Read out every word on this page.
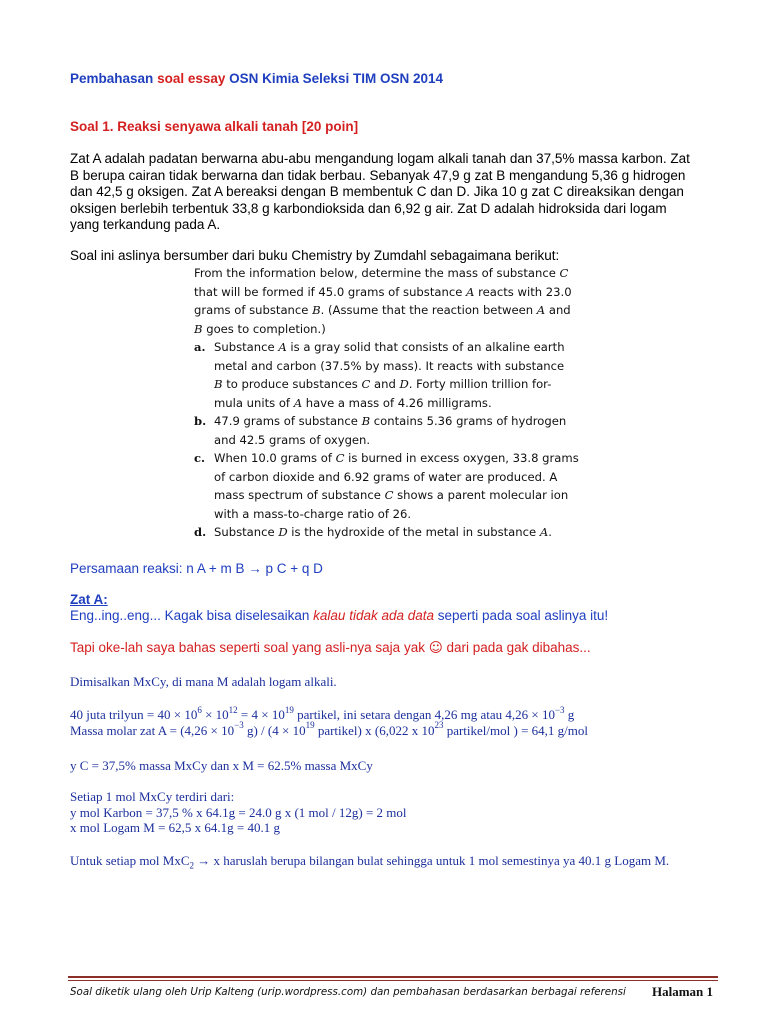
Pembahasan soal essay OSN Kimia Seleksi TIM OSN 2014
Soal 1. Reaksi senyawa alkali tanah [20 poin]
Zat A adalah padatan berwarna abu-abu mengandung logam alkali tanah dan 37,5% massa karbon. Zat
B berupa cairan tidak berwarna dan tidak berbau. Sebanyak 47,9 g zat B mengandung 5,36 g hidrogen
dan 42,5 g oksigen. Zat A bereaksi dengan B membentuk C dan D. Jika 10 g zat C direaksikan dengan
oksigen berlebih terbentuk 33,8 g karbondioksida dan 6,92 g air. Zat D adalah hidroksida dari logam
yang terkandung pada A.
Soal ini aslinya bersumber dari buku Chemistry by Zumdahl sebagaimana berikut:
From the information below, determine the mass of substance C
that will be formed if 45.0 grams of substance A reacts with 23.0
grams of substance B. (Assume that the reaction between A and
B goes to completion.)
a. Substance A is a gray solid that consists of an alkaline earth
metal and carbon (37.5% by mass). It reacts with substance
B to produce substances C and D. Forty million trillion for-
mula units of A have a mass of 4.26 milligrams.
b. 47.9 grams of substance B contains 5.36 grams of hydrogen
and 42.5 grams of oxygen.
c. When 10.0 grams of C is burned in excess oxygen, 33.8 grams
of carbon dioxide and 6.92 grams of water are produced. A
mass spectrum of substance C shows a parent molecular ion
with a mass-to-charge ratio of 26.
d. Substance D is the hydroxide of the metal in substance A.
Persamaan reaksi: n A + m B → p C + q D
Zat A:
Eng..ing..eng... Kagak bisa diselesaikan kalau tidak ada data seperti pada soal aslinya itu!
Tapi oke-lah saya bahas seperti soal yang asli-nya saja yak ☺ dari pada gak dibahas...
Dimisalkan MxCy, di mana M adalah logam alkali.
40 juta trilyun = $40 \times 10^6 \times 10^{12} = 4 \times 10^{19}$ partikel, ini setara dengan 4,26 mg atau $4,26 \times 10^{-3}$ g
Massa molar zat $A = (4,26 \times 10^{-3}$ $g) / (4 \times 10^{19}$ partikel) x (6,022 x $10^{23}$ partikel/mol ) = 64,1 g/mol
y C = 37,5% massa MxCy dan x M = 62.5% massa MxCy
Setiap 1 mol MxCy terdiri dari:
y mol Karbon = 37,5 % x 64.1g = 24.0 g x (1 mol / 12g) = 2 mol
x mol Logam M = 62,5 x 64.1g = 40.1 g
Untuk setiap mol MxC$_2$ → x haruslah berupa bilangan bulat sehingga untuk 1 mol semestinya ya 40.1 g Logam M.
Soal diketik ulang oleh Urip Kalteng (urip.wordpress.com) dan pembahasan berdasarkan berbagai referensi Halaman 1
